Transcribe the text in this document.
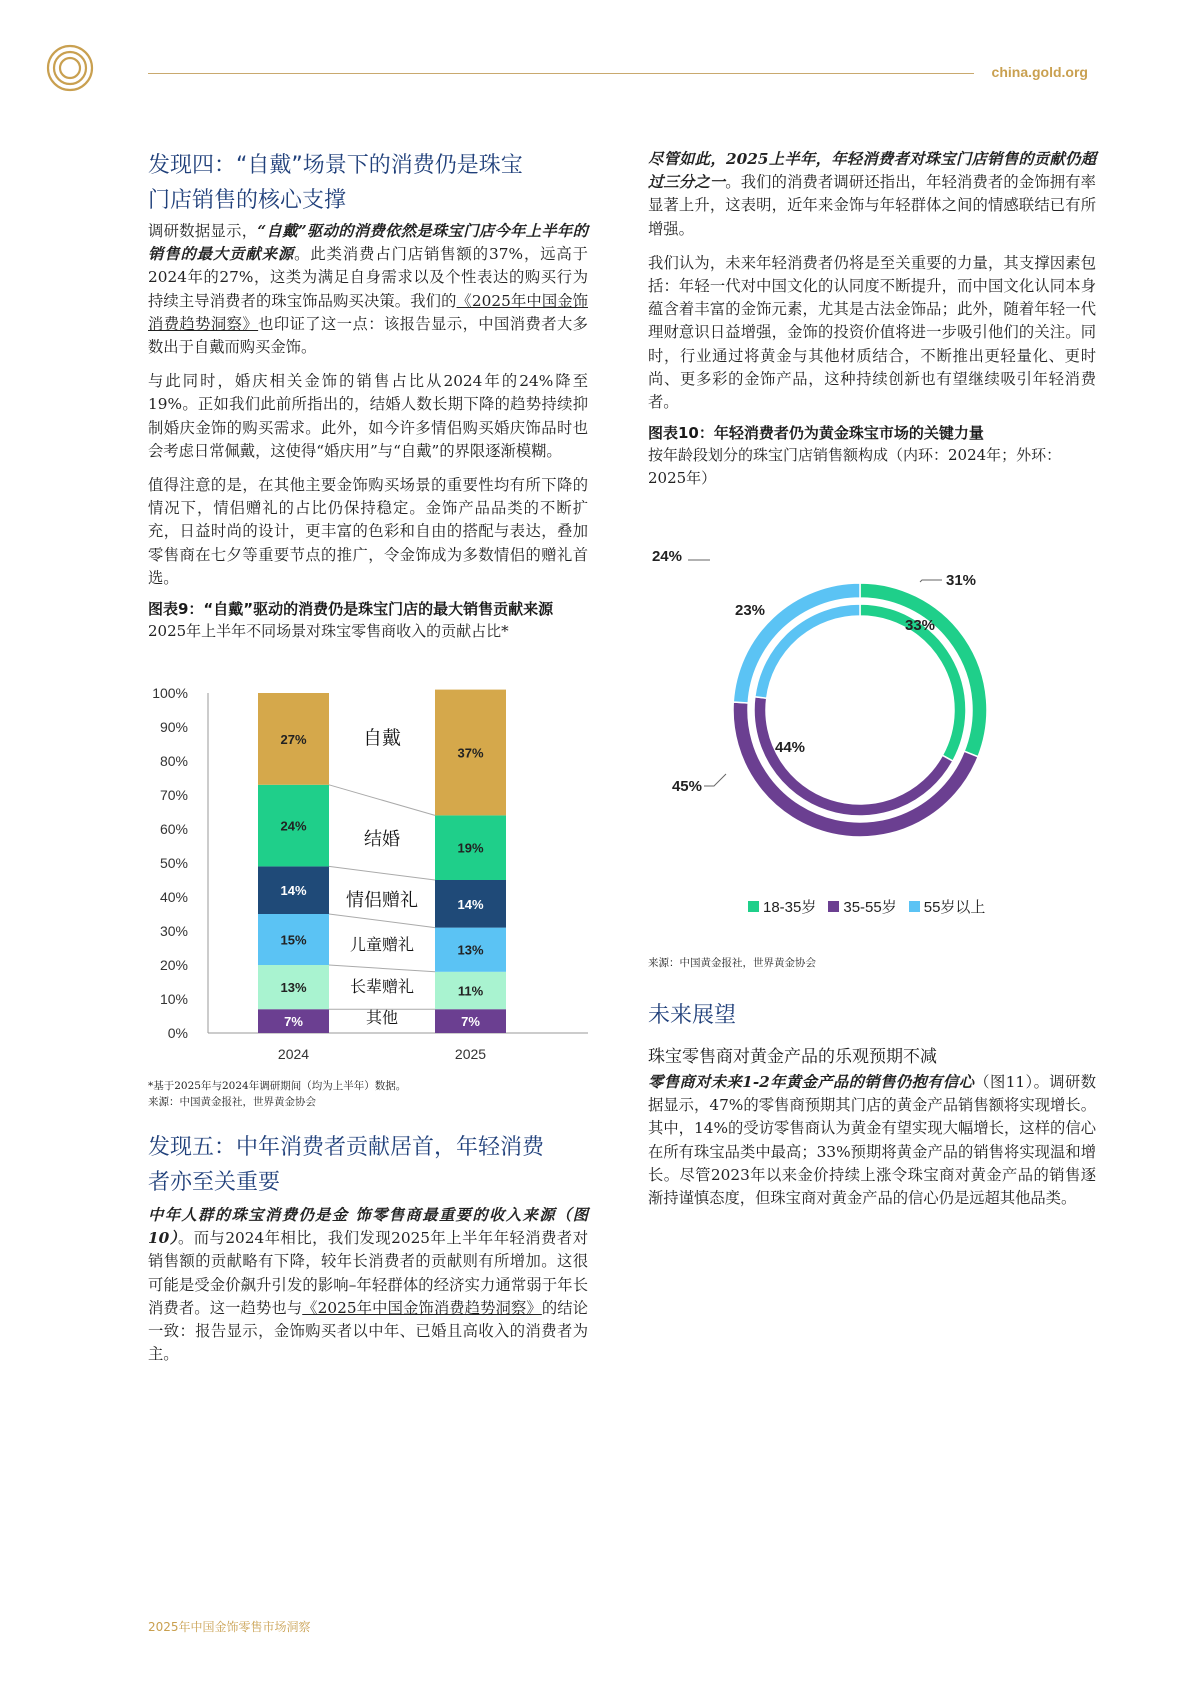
china.gold.org
发现四：“自戴”场景下的消费仍是珠宝
门店销售的核心支撑

调研数据显示，“自戴”驱动的消费依然是珠宝门店今年上半年的销售的最大贡献来源。此类消费占门店销售额的37%，远高于2024年的27%，这类为满足自身需求以及个性表达的购买行为持续主导消费者的珠宝饰品购买决策。我们的《2025年中国金饰消费趋势洞察》也印证了这一点：该报告显示，中国消费者大多数出于自戴而购买金饰。

与此同时，婚庆相关金饰的销售占比从2024年的24%降至19%。正如我们此前所指出的，结婚人数长期下降的趋势持续抑制婚庆金饰的购买需求。此外，如今许多情侣购买婚庆饰品时也会考虑日常佩戴，这使得“婚庆用”与“自戴”的界限逐渐模糊。

值得注意的是，在其他主要金饰购买场景的重要性均有所下降的情况下，情侣赠礼的占比仍保持稳定。金饰产品品类的不断扩充，日益时尚的设计，更丰富的色彩和自由的搭配与表达，叠加零售商在七夕等重要节点的推广，令金饰成为多数情侣的赠礼首选。

图表9：“自戴”驱动的消费仍是珠宝门店的最大销售贡献来源
2025年上半年不同场景对珠宝零售商收入的贡献占比*
0%
10%
20%
30%
40%
50%
60%
70%
80%
90%
100%
7%
13%
15%
14%
24%
27%
2024
7%
11%
13%
14%
19%
37%
2025
其他
长辈赠礼
儿童赠礼
情侣赠礼
结婚
自戴
*基于2025年与2024年调研期间（均为上半年）数据。
来源：中国黄金报社，世界黄金协会
发现五：中年消费者贡献居首，年轻消费
者亦至关重要

中年人群的珠宝消费仍是金 饰零售商最重要的收入来源（图10）。而与2024年相比，我们发现2025年上半年年轻消费者对销售额的贡献略有下降，较年长消费者的贡献则有所增加。这很可能是受金价飙升引发的影响–年轻群体的经济实力通常弱于年长消费者。这一趋势也与《2025年中国金饰消费趋势洞察》的结论一致：报告显示，金饰购买者以中年、已婚且高收入的消费者为主。

尽管如此，2025上半年，年轻消费者对珠宝门店销售的贡献仍超过三分之一。我们的消费者调研还指出，年轻消费者的金饰拥有率显著上升，这表明，近年来金饰与年轻群体之间的情感联结已有所增强。

我们认为，未来年轻消费者仍将是至关重要的力量，其支撑因素包括：年轻一代对中国文化的认同度不断提升，而中国文化认同本身蕴含着丰富的金饰元素，尤其是古法金饰品；此外，随着年轻一代理财意识日益增强，金饰的投资价值将进一步吸引他们的关注。同时，行业通过将黄金与其他材质结合，不断推出更轻量化、更时尚、更多彩的金饰产品，这种持续创新也有望继续吸引年轻消费者。

图表10：年轻消费者仍为黄金珠宝市场的关键力量
按年龄段划分的珠宝门店销售额构成（内环：2024年；外环：2025年）
33%
44%
23%
31%
24%
45%
18-35岁 35-55岁 55岁以上
来源：中国黄金报社，世界黄金协会
未来展望
珠宝零售商对黄金产品的乐观预期不减

零售商对未来1-2年黄金产品的销售仍抱有信心（图11）。调研数据显示，47%的零售商预期其门店的黄金产品销售额将实现增长。其中，14%的受访零售商认为黄金有望实现大幅增长，这样的信心在所有珠宝品类中最高；33%预期将黄金产品的销售将实现温和增长。尽管2023年以来金价持续上涨令珠宝商对黄金产品的销售逐渐持谨慎态度，但珠宝商对黄金产品的信心仍是远超其他品类。

2025年中国金饰零售市场洞察
